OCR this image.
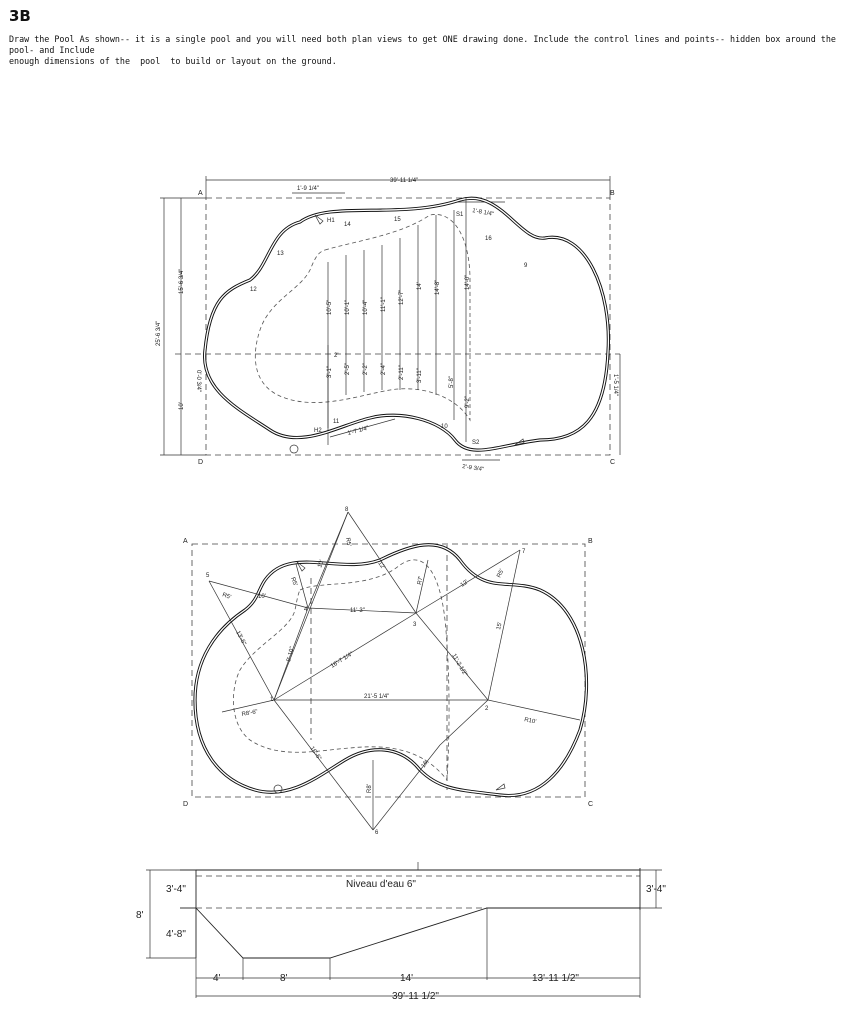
3B
Draw the Pool As shown-- it is a single pool and you will need both plan views to get ONE drawing done. Include the control lines and points-- hidden box around the pool- and Include
enough dimensions of the  pool  to build or layout on the ground.
A	B
C
D
39'-11 1/4"
1'-9 1/4"
1'-8 1/4"
1'-7 1/4"
2'-9 3/4"
25'-6 3/4"
15'-6 3/4"
10'
0'-0 3/4"	1'-5 1/4"
H1
H2
S1
S2
9
10
11
12
13
14
15
16
2'
10'-5" 10'-1" 10'-4" 11'-1" 12'-7"
14' 14'-8"	14'-0"
3'-1" 2'-5" 2'-2" 2'-4" 2'-11" 3'-11"	5'-8"
9'-2"
A	B
C
D
1
2
3
4
5
6
7
8
R5'
R5'	R7'
R5'
R5'
R8'-6"
R10'
R8'
10'
10'	12'
12'
11'-3"
13'-6"
9'-10"	16'-7 1/4"
21'-5 1/4"
11'-2 1/2"
15'
16'-6"
16'
Niveau d'eau 6"
3'-4"	3'-4"
8'
4'-8"
4'	8'	14'	13'-11 1/2"
39'-11 1/2"
